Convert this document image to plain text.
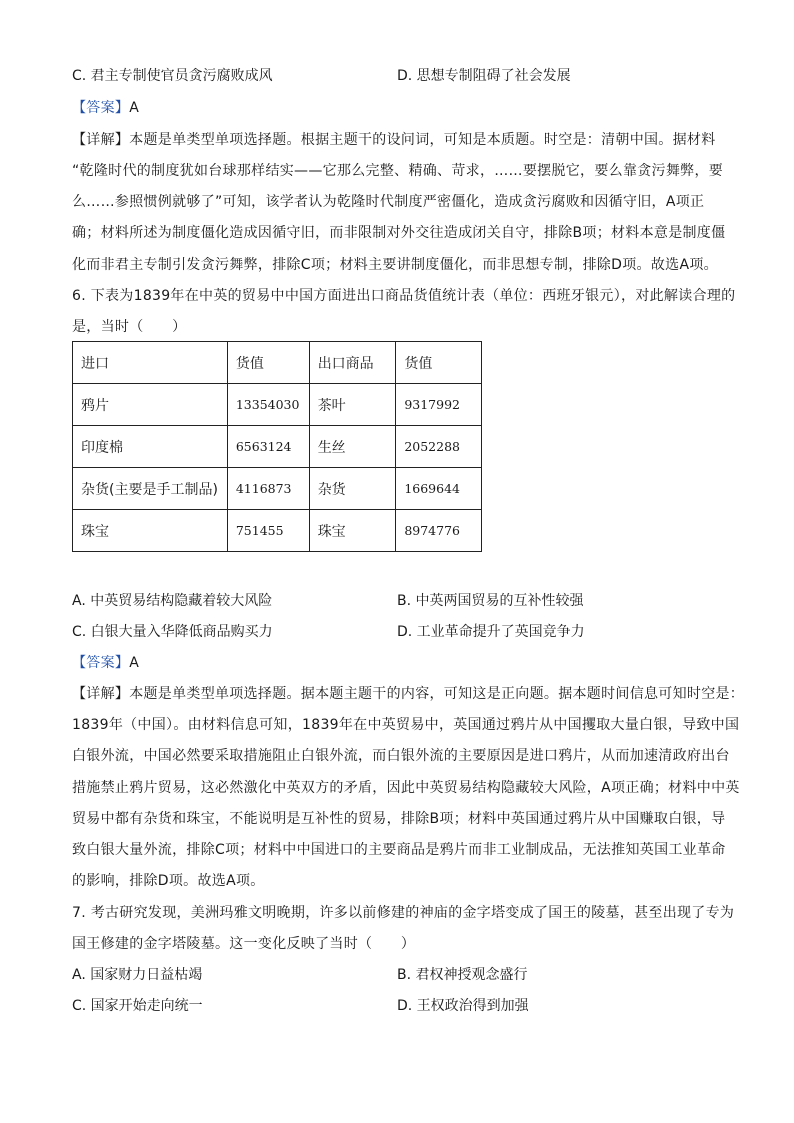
C. 君主专制使官员贪污腐败成风	D. 思想专制阻碍了社会发展
【答案】A
【详解】本题是单类型单项选择题。根据主题干的设问词，可知是本质题。时空是：清朝中国。据材料
“乾隆时代的制度犹如台球那样结实——它那么完整、精确、苛求，……要摆脱它，要么靠贪污舞弊，要
么……参照惯例就够了”可知，该学者认为乾隆时代制度严密僵化，造成贪污腐败和因循守旧，A项正
确；材料所述为制度僵化造成因循守旧，而非限制对外交往造成闭关自守，排除B项；材料本意是制度僵
化而非君主专制引发贪污舞弊，排除C项；材料主要讲制度僵化，而非思想专制，排除D项。故选A项。
6. 下表为1839年在中英的贸易中中国方面进出口商品货值统计表（单位：西班牙银元），对此解读合理的
是，当时（　　）
进口	货值	出口商品	货值
鸦片	13354030	茶叶	9317992
印度棉	6563124	生丝	2052288
杂货(主要是手工制品)	4116873	杂货	1669644
珠宝	751455	珠宝	8974776
A. 中英贸易结构隐藏着较大风险	B. 中英两国贸易的互补性较强
C. 白银大量入华降低商品购买力	D. 工业革命提升了英国竞争力
【答案】A
【详解】本题是单类型单项选择题。据本题主题干的内容，可知这是正向题。据本题时间信息可知时空是：
1839年（中国）。由材料信息可知，1839年在中英贸易中，英国通过鸦片从中国攫取大量白银，导致中国
白银外流，中国必然要采取措施阻止白银外流，而白银外流的主要原因是进口鸦片，从而加速清政府出台
措施禁止鸦片贸易，这必然激化中英双方的矛盾，因此中英贸易结构隐藏较大风险，A项正确；材料中中英
贸易中都有杂货和珠宝，不能说明是互补性的贸易，排除B项；材料中英国通过鸦片从中国赚取白银，导
致白银大量外流，排除C项；材料中中国进口的主要商品是鸦片而非工业制成品，无法推知英国工业革命
的影响，排除D项。故选A项。
7. 考古研究发现，美洲玛雅文明晚期，许多以前修建的神庙的金字塔变成了国王的陵墓，甚至出现了专为
国王修建的金字塔陵墓。这一变化反映了当时（　　）
A. 国家财力日益枯竭	B. 君权神授观念盛行
C. 国家开始走向统一	D. 王权政治得到加强
